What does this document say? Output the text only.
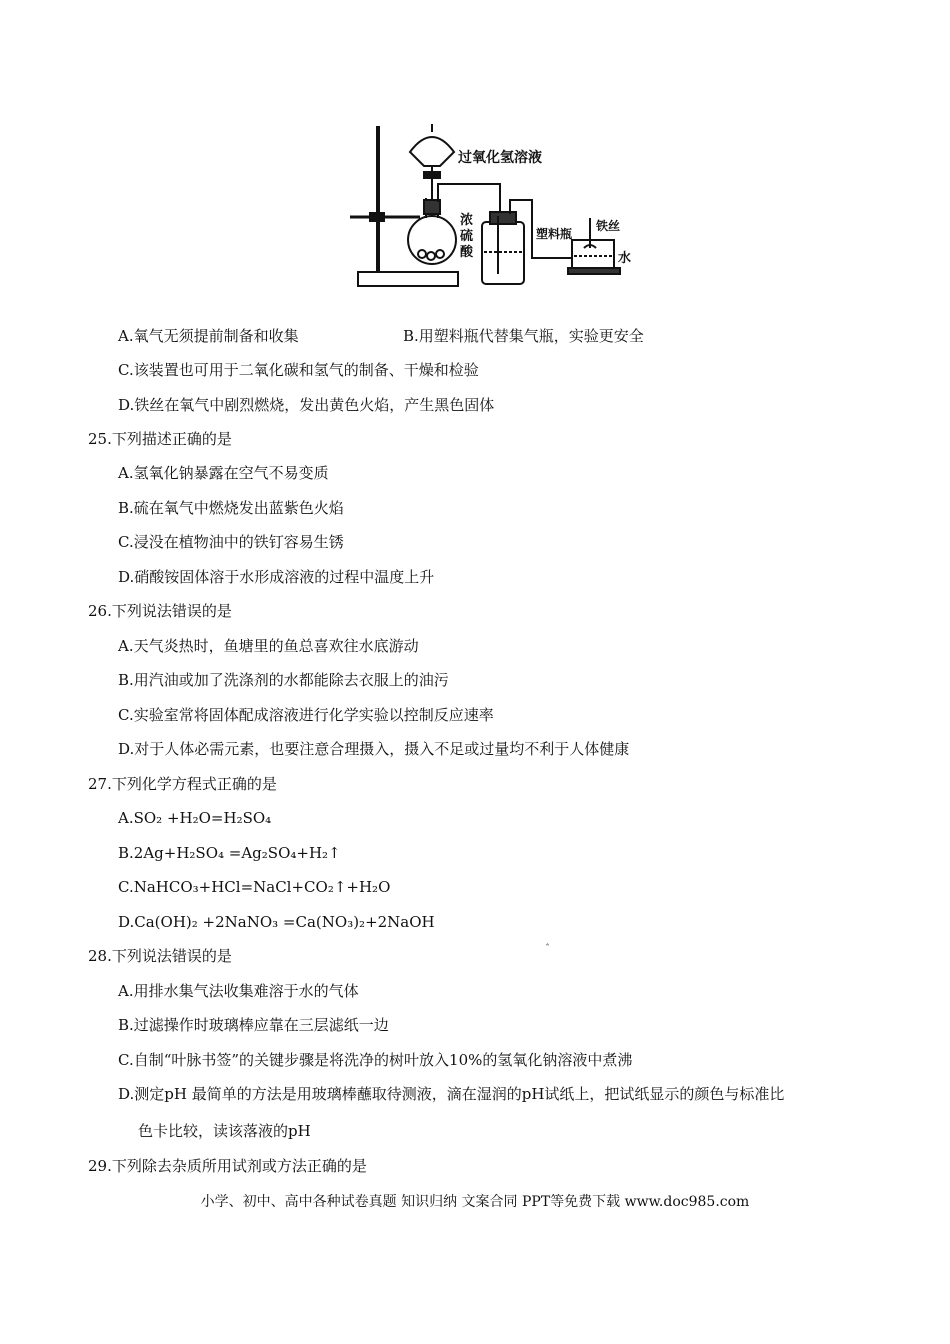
过氧化氢溶液
浓
硫
酸
塑料瓶
铁丝
水
A.氧气无须提前制备和收集	B.用塑料瓶代替集气瓶，实验更安全
C.该装置也可用于二氧化碳和氢气的制备、干燥和检验
D.铁丝在氧气中剧烈燃烧，发出黄色火焰，产生黑色固体
25.下列描述正确的是
A.氢氧化钠暴露在空气不易变质
B.硫在氧气中燃烧发出蓝紫色火焰
C.浸没在植物油中的铁钉容易生锈
D.硝酸铵固体溶于水形成溶液的过程中温度上升
26.下列说法错误的是
A.天气炎热时，鱼塘里的鱼总喜欢往水底游动
B.用汽油或加了洗涤剂的水都能除去衣服上的油污
C.实验室常将固体配成溶液进行化学实验以控制反应速率
D.对于人体必需元素，也要注意合理摄入，摄入不足或过量均不利于人体健康
27.下列化学方程式正确的是
A.SO₂ +H₂O=H₂SO₄
B.2Ag+H₂SO₄ =Ag₂SO₄+H₂↑
C.NaHCO₃+HCl=NaCl+CO₂↑+H₂O
D.Ca(OH)₂ +2NaNO₃ =Ca(NO₃)₂+2NaOH
ˆ
28.下列说法错误的是
A.用排水集气法收集难溶于水的气体
B.过滤操作时玻璃棒应靠在三层滤纸一边
C.自制“叶脉书签”的关键步骤是将洗净的树叶放入10%的氢氧化钠溶液中煮沸
D.测定pH 最简单的方法是用玻璃棒蘸取待测液，滴在湿润的pH试纸上，把试纸显示的颜色与标准比
色卡比较，读该落液的pH
29.下列除去杂质所用试剂或方法正确的是
小学、初中、高中各种试卷真题 知识归纳 文案合同 PPT等免费下载 www.doc985.com
